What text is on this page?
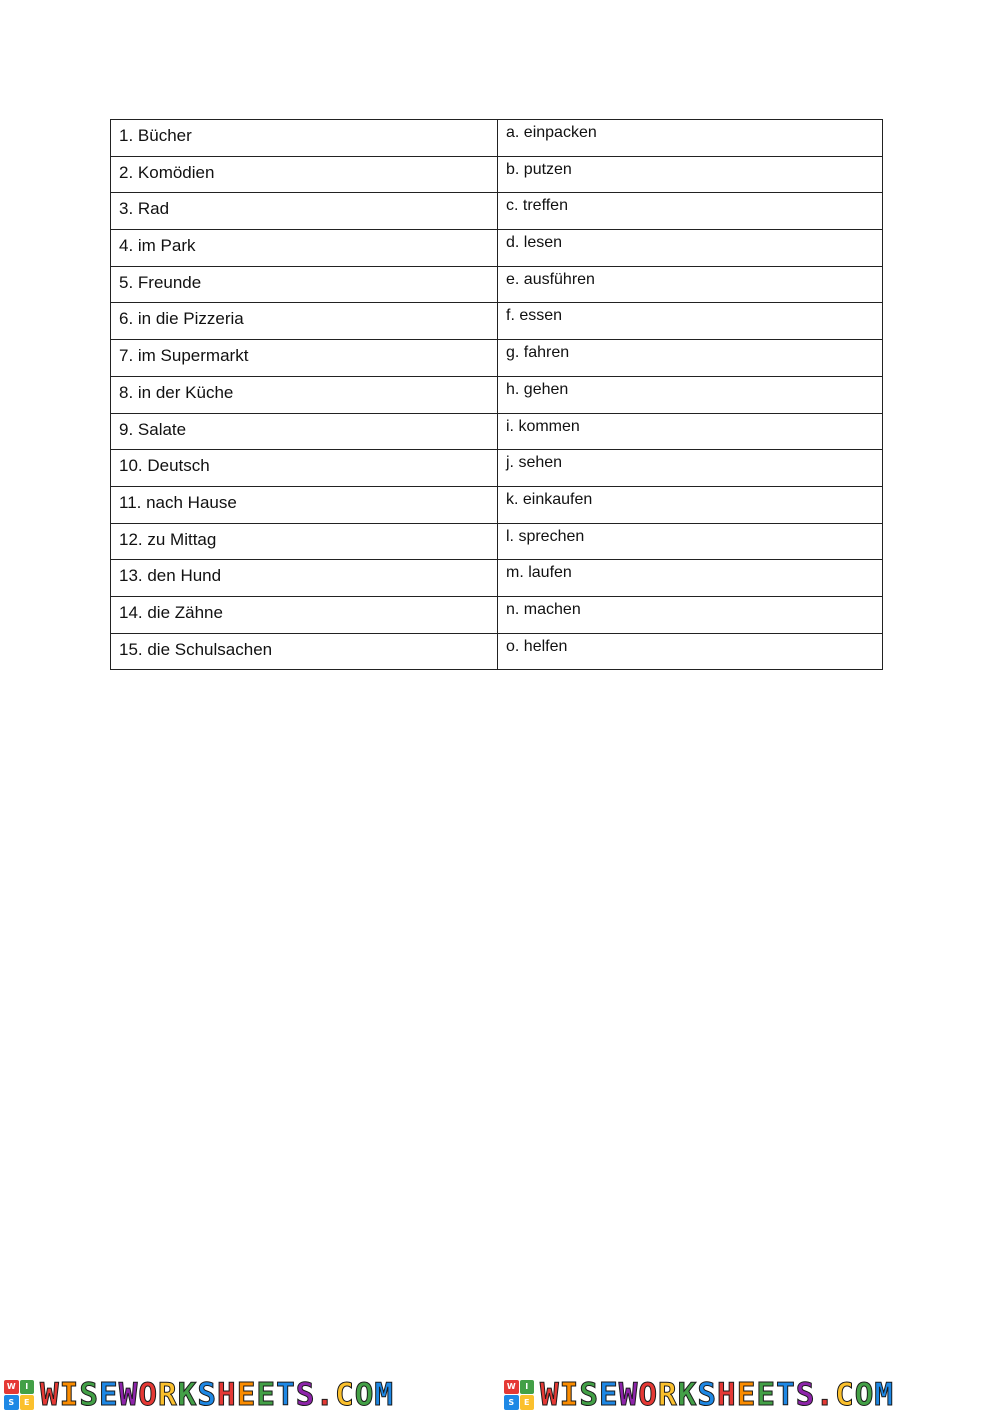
1. Bücher	a. einpacken
2. Komödien	b. putzen
3. Rad	c. treffen
4. im Park	d. lesen
5. Freunde	e. ausführen
6. in die Pizzeria	f. essen
7. im Supermarkt	g. fahren
8. in der Küche	h. gehen
9. Salate	i. kommen
10. Deutsch	j. sehen
11. nach Hause	k. einkaufen
12. zu Mittag	l. sprechen
13. den Hund	m. laufen
14. die Zähne	n. machen
15. die Schulsachen	o. helfen
W	I
S	E WISEWORKSHEETS.COM	W	I
S	E WISEWORKSHEETS.COM
